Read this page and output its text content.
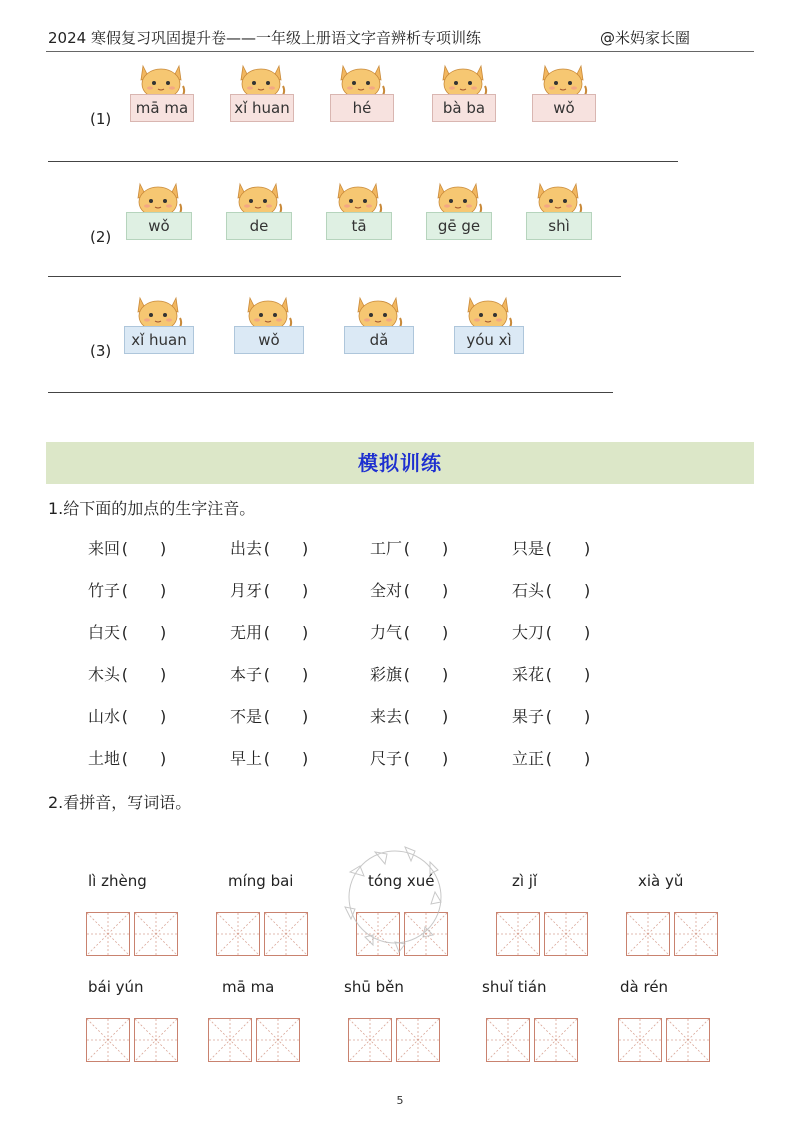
2024 寒假复习巩固提升卷——一年级上册语文字音辨析专项训练	@米妈家长圈
(1)
mā ma	xǐ huan	hé	bà ba	wǒ
(2)
wǒ	de	tā	gē ge	shì
(3)
xǐ huan	wǒ	dǎ	yóu xì
模拟训练
1.给下面的加点的生字注音。
来回 (　　)	出去 (　　)	工厂 (　　)	只是 (　　)
竹子 (　　)	月牙 (　　)	全对 (　　)	石头 (　　)
白天 (　　)	无用 (　　)	力气 (　　)	大刀 (　　)
木头 (　　)	本子 (　　)	彩旗 (　　)	采花 (　　)
山水 (　　)	不是 (　　)	来去 (　　)	果子 (　　)
土地 (　　)	早上 (　　)	尺子 (　　)	立正 (　　)
2.看拼音，写词语。
lì zhèng	míng bai	tóng xué	zì jǐ	xià yǔ
bái yún	mā ma	shū běn	shuǐ tián	dà rén
5
